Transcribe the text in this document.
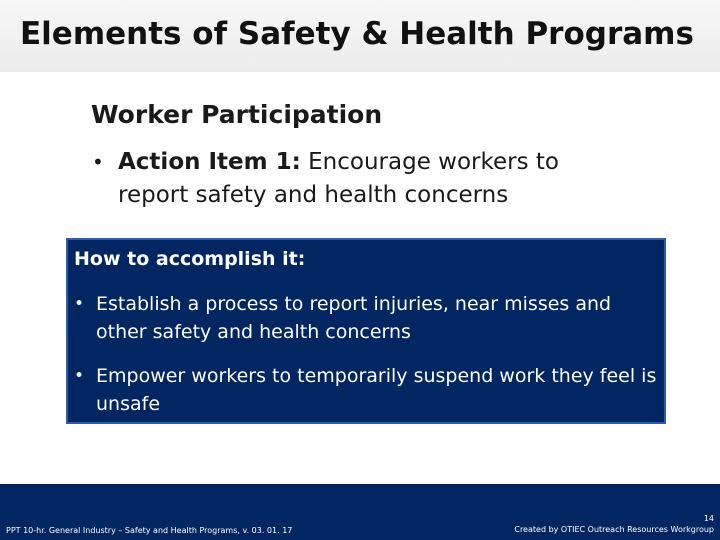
Elements of Safety & Health Programs
Worker Participation
• Action Item 1: Encourage workers to report safety and health concerns
How to accomplish it:
• Establish a process to report injuries, near misses and other safety and health concerns
• Empower workers to temporarily suspend work they feel is unsafe
PPT 10-hr. General Industry – Safety and Health Programs, v. 03. 01. 17
14
Created by OTIEC Outreach Resources Workgroup
